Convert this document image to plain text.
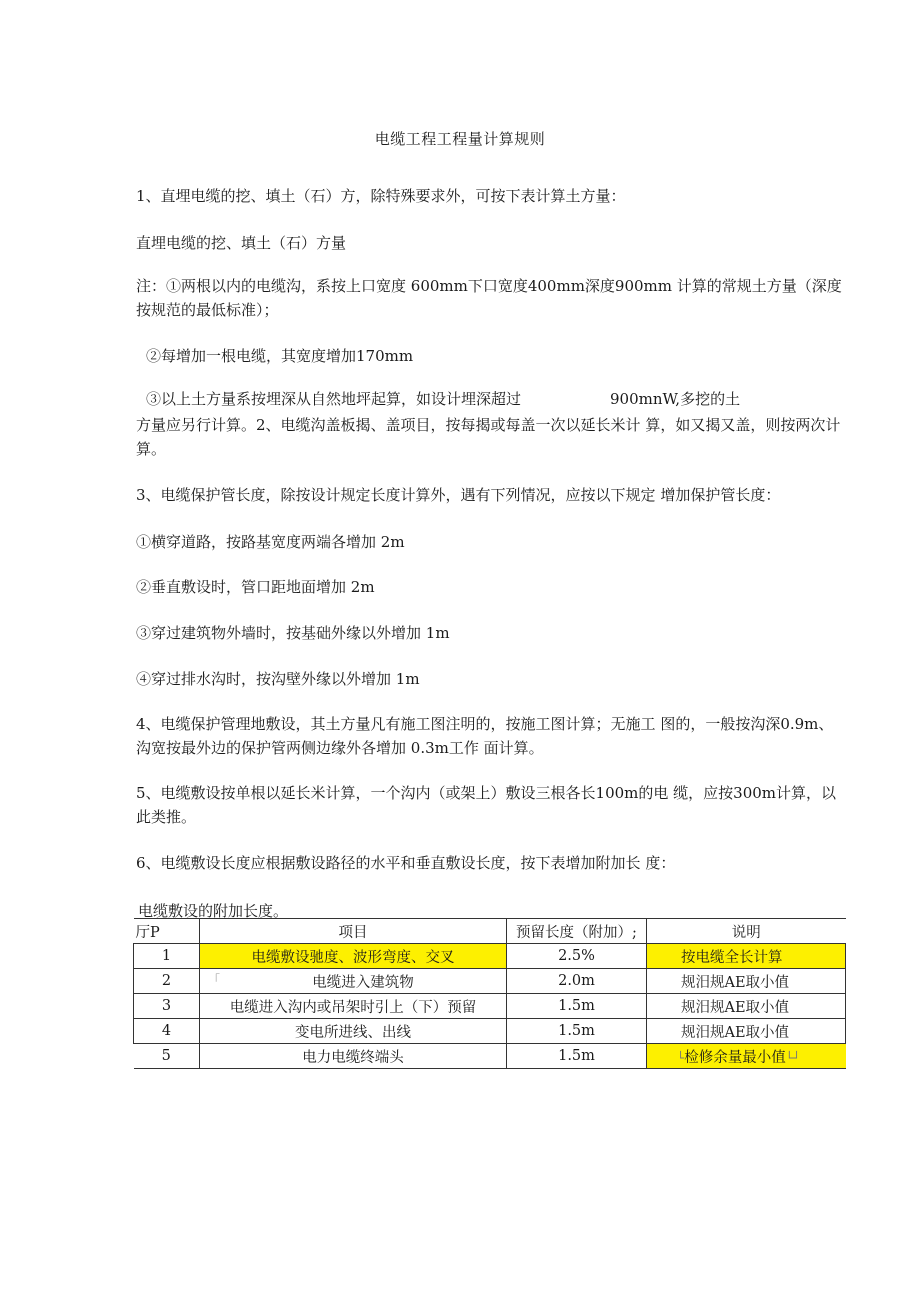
电缆工程工程量计算规则

1、直埋电缆的挖、填土（石）方，除特殊要求外，可按下表计算土方量：

直埋电缆的挖、填土（石）方量

注：①两根以内的电缆沟，系按上口宽度 600mm下口宽度400mm深度900mm 计算的常规土方量（深度按规范的最低标准）；

②每增加一根电缆，其宽度增加170mm

③以上土方量系按埋深从自然地坪起算，如设计埋深超过	900mnW,多挖的土

方量应另行计算。2、电缆沟盖板揭、盖项目，按每揭或每盖一次以延长米计 算，如又揭又盖，则按两次计算。

3、电缆保护管长度，除按设计规定长度计算外，遇有下列情况，应按以下规定 增加保护管长度：

①横穿道路，按路基宽度两端各增加 2m

②垂直敷设时，管口距地面增加 2m

③穿过建筑物外墙时，按基础外缘以外增加 1m

④穿过排水沟时，按沟壁外缘以外增加 1m

4、电缆保护管理地敷设，其土方量凡有施工图注明的，按施工图计算；无施工 图的，一般按沟深0.9m、沟宽按最外边的保护管两侧边缘外各增加 0.3m工作 面计算。

5、电缆敷设按单根以延长米计算，一个沟内（或架上）敷设三根各长100m的电 缆，应按300m计算，以此类推。

6、电缆敷设长度应根据敷设路径的水平和垂直敷设长度，按下表增加附加长 度：

电缆敷设的附加长度。
厅P	项目	预留长度（附加）;	说明
1	电缆敷设驰度、波形弯度、交叉	2.5%	按电缆全长计算
2	「 电缆进入建筑物	2.0m	规汨规AE取小值
3	电缆进入沟内或吊架时引上（下）预留	1.5m	规汨规AE取小值
4	变电所进线、出线	1.5m	规汨规AE取小值
5	电力电缆终端头	1.5m	└检修余量最小值└┘
